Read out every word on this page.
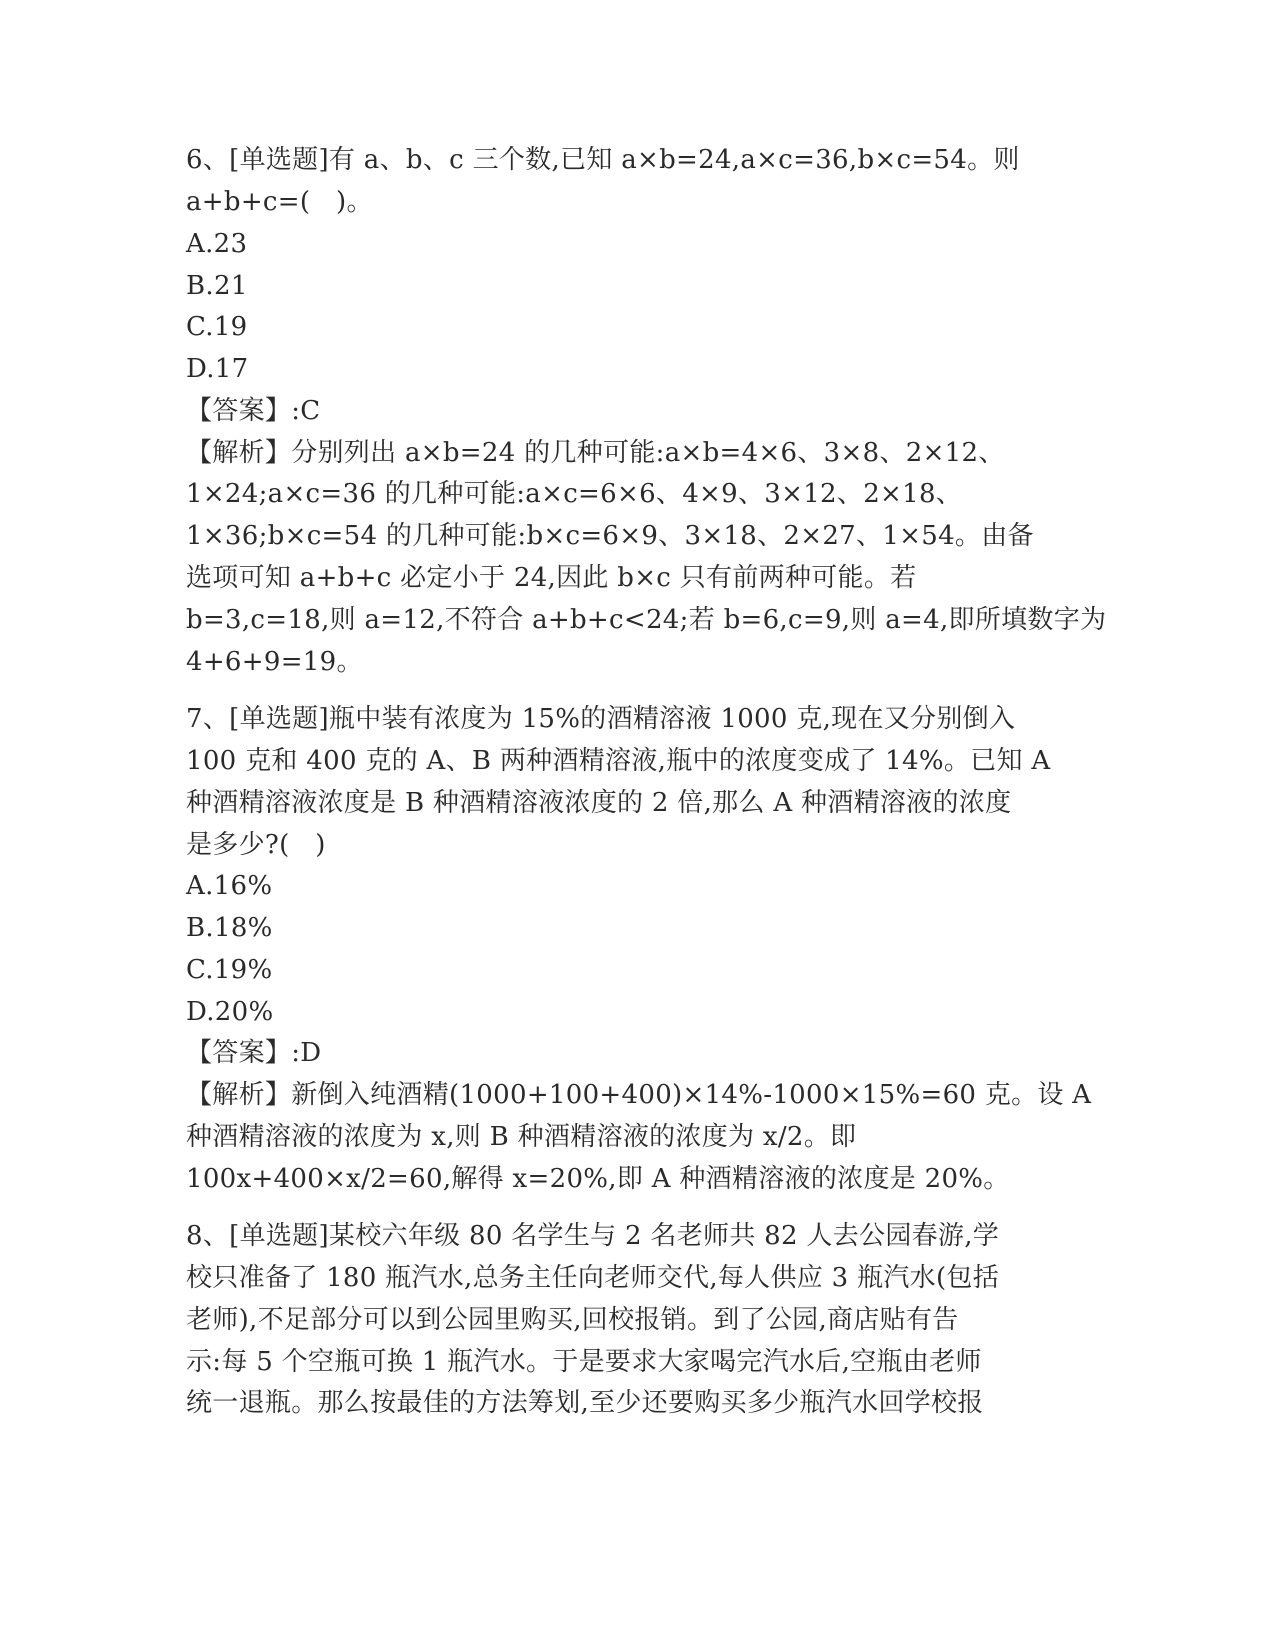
6、[单选题]有 a、b、c 三个数,已知 a×b=24,a×c=36,b×c=54。则

a+b+c=(   )。

A.23

B.21

C.19

D.17

【答案】:C

【解析】分别列出 a×b=24 的几种可能:a×b=4×6、3×8、2×12、

1×24;a×c=36 的几种可能:a×c=6×6、4×9、3×12、2×18、

1×36;b×c=54 的几种可能:b×c=6×9、3×18、2×27、1×54。由备

选项可知 a+b+c 必定小于 24,因此 b×c 只有前两种可能。若

b=3,c=18,则 a=12,不符合 a+b+c<24;若 b=6,c=9,则 a=4,即所填数字为

4+6+9=19。

7、[单选题]瓶中装有浓度为 15%的酒精溶液 1000 克,现在又分别倒入

100 克和 400 克的 A、B 两种酒精溶液,瓶中的浓度变成了 14%。已知 A

种酒精溶液浓度是 B 种酒精溶液浓度的 2 倍,那么 A 种酒精溶液的浓度

是多少?(   )

A.16%

B.18%

C.19%

D.20%

【答案】:D

【解析】新倒入纯酒精(1000+100+400)×14%-1000×15%=60 克。设 A

种酒精溶液的浓度为 x,则 B 种酒精溶液的浓度为 x/2。即

100x+400×x/2=60,解得 x=20%,即 A 种酒精溶液的浓度是 20%。

8、[单选题]某校六年级 80 名学生与 2 名老师共 82 人去公园春游,学

校只准备了 180 瓶汽水,总务主任向老师交代,每人供应 3 瓶汽水(包括

老师),不足部分可以到公园里购买,回校报销。到了公园,商店贴有告

示:每 5 个空瓶可换 1 瓶汽水。于是要求大家喝完汽水后,空瓶由老师

统一退瓶。那么按最佳的方法筹划,至少还要购买多少瓶汽水回学校报
